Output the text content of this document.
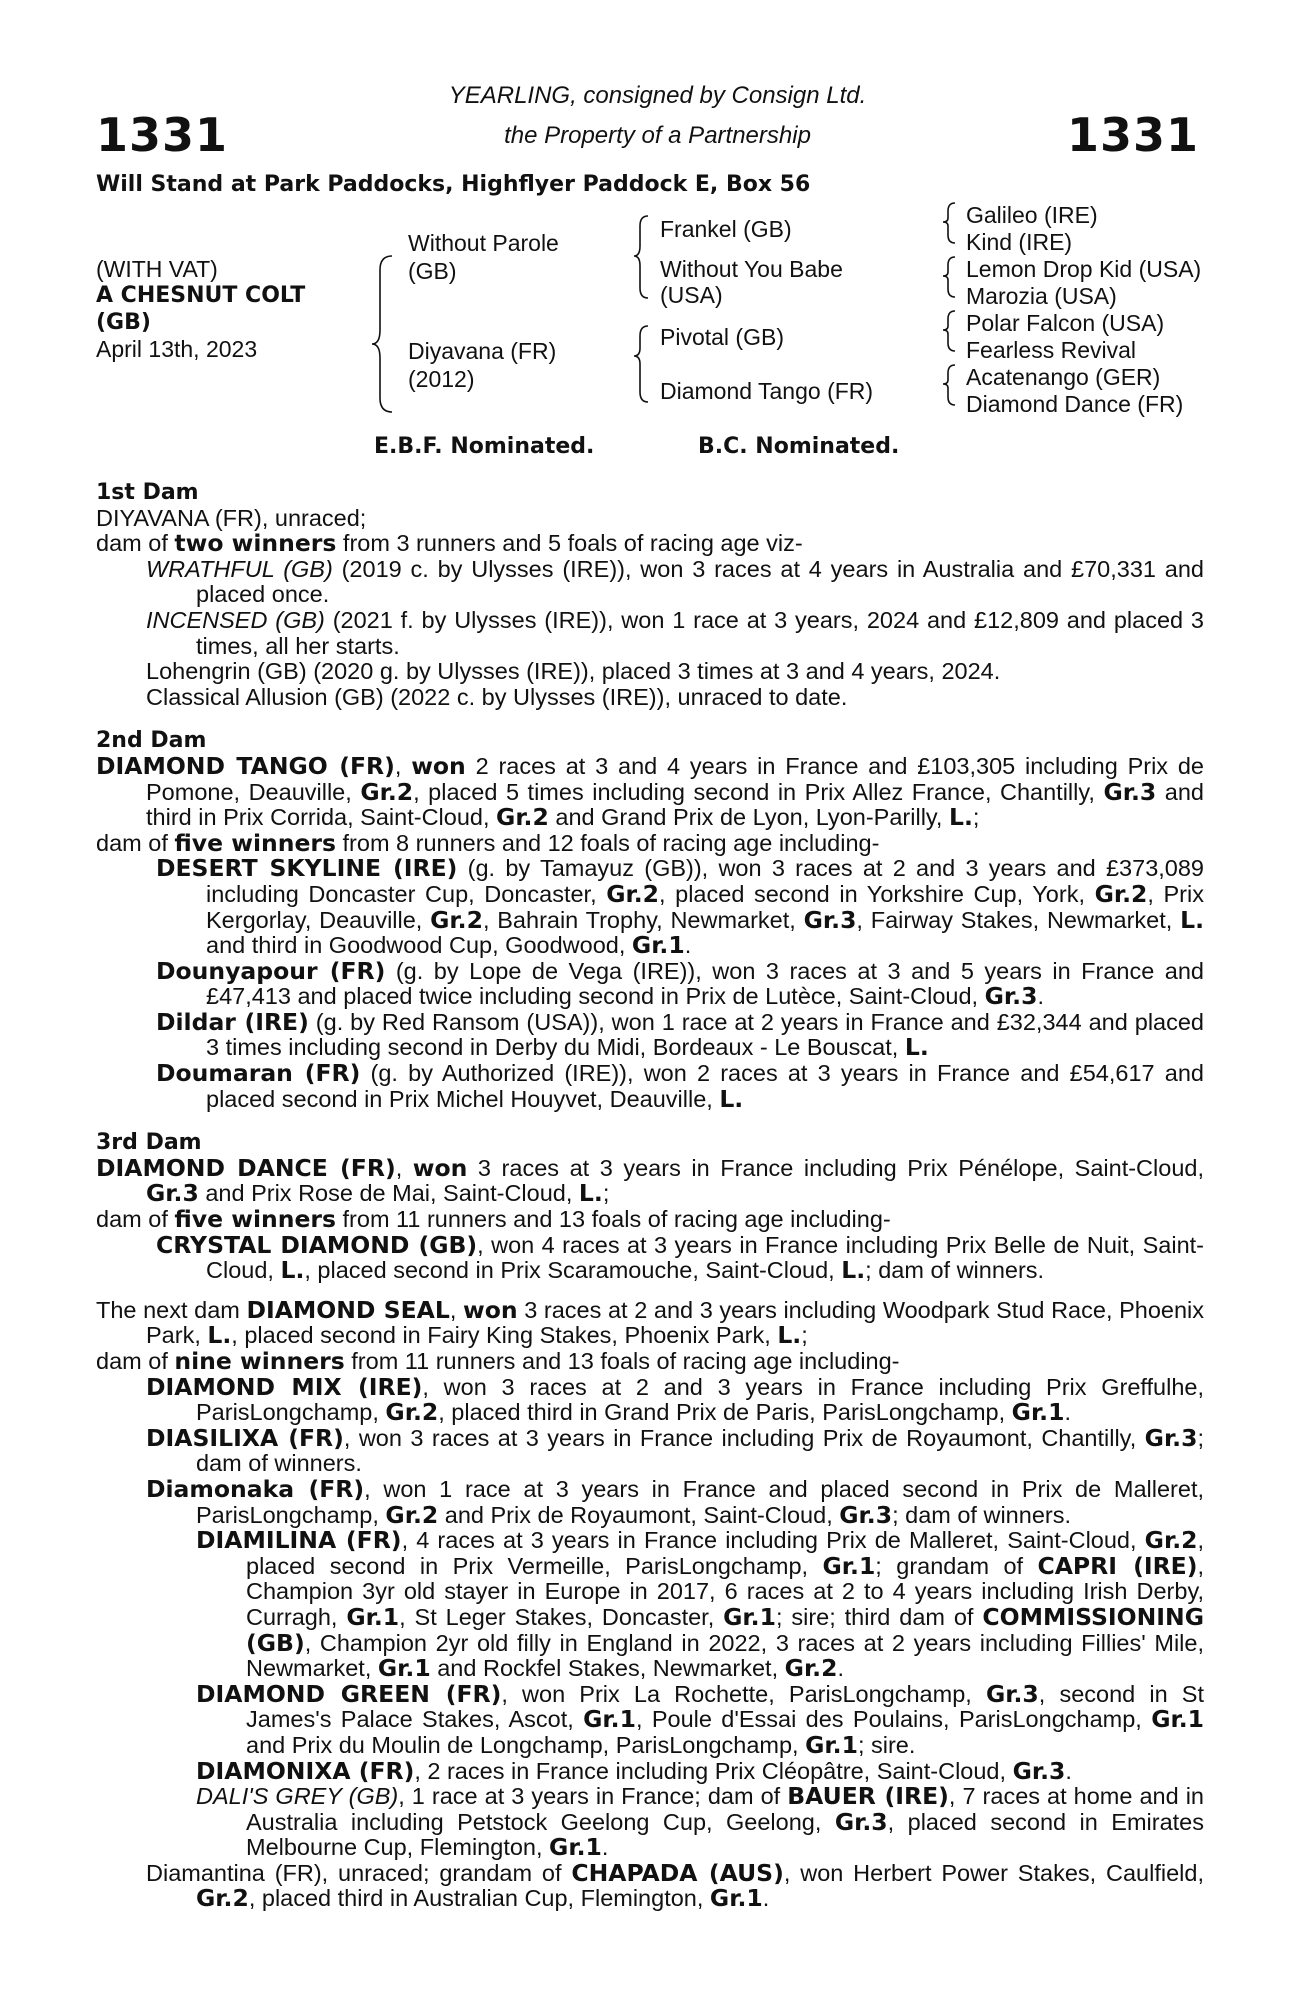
1331	1331
YEARLING, consigned by Consign Ltd.
the Property of a Partnership
Will Stand at Park Paddocks, Highflyer Paddock E, Box 56
(WITH VAT)
A CHESNUT COLT
(GB)
April 13th, 2023
Without Parole
(GB)
Diyavana (FR)
(2012)
Frankel (GB)
Without You Babe
(USA)
Pivotal (GB)
Diamond Tango (FR)
Galileo (IRE)
Kind (IRE)
Lemon Drop Kid (USA)
Marozia (USA)
Polar Falcon (USA)
Fearless Revival
Acatenango (GER)
Diamond Dance (FR)
E.B.F. Nominated.	B.C. Nominated.
1st Dam
DIYAVANA (FR), unraced;
dam of two winners from 3 runners and 5 foals of racing age viz-
WRATHFUL (GB) (2019 c. by Ulysses (IRE)), won 3 races at 4 years in Australia and £70,331 and placed once.
INCENSED (GB) (2021 f. by Ulysses (IRE)), won 1 race at 3 years, 2024 and £12,809 and placed 3 times, all her starts.
Lohengrin (GB) (2020 g. by Ulysses (IRE)), placed 3 times at 3 and 4 years, 2024.
Classical Allusion (GB) (2022 c. by Ulysses (IRE)), unraced to date.
2nd Dam
DIAMOND TANGO (FR), won 2 races at 3 and 4 years in France and £103,305 including Prix de Pomone, Deauville, Gr.2, placed 5 times including second in Prix Allez France, Chantilly, Gr.3 and third in Prix Corrida, Saint-Cloud, Gr.2 and Grand Prix de Lyon, Lyon-Parilly, L.;
dam of five winners from 8 runners and 12 foals of racing age including-
DESERT SKYLINE (IRE) (g. by Tamayuz (GB)), won 3 races at 2 and 3 years and £373,089 including Doncaster Cup, Doncaster, Gr.2, placed second in Yorkshire Cup, York, Gr.2, Prix Kergorlay, Deauville, Gr.2, Bahrain Trophy, Newmarket, Gr.3, Fairway Stakes, Newmarket, L. and third in Goodwood Cup, Goodwood, Gr.1.
Dounyapour (FR) (g. by Lope de Vega (IRE)), won 3 races at 3 and 5 years in France and £47,413 and placed twice including second in Prix de Lutèce, Saint-Cloud, Gr.3.
Dildar (IRE) (g. by Red Ransom (USA)), won 1 race at 2 years in France and £32,344 and placed 3 times including second in Derby du Midi, Bordeaux - Le Bouscat, L.
Doumaran (FR) (g. by Authorized (IRE)), won 2 races at 3 years in France and £54,617 and placed second in Prix Michel Houyvet, Deauville, L.
3rd Dam
DIAMOND DANCE (FR), won 3 races at 3 years in France including Prix Pénélope, Saint-Cloud, Gr.3 and Prix Rose de Mai, Saint-Cloud, L.;
dam of five winners from 11 runners and 13 foals of racing age including-
CRYSTAL DIAMOND (GB), won 4 races at 3 years in France including Prix Belle de Nuit, Saint-Cloud, L., placed second in Prix Scaramouche, Saint-Cloud, L.; dam of winners.
The next dam DIAMOND SEAL, won 3 races at 2 and 3 years including Woodpark Stud Race, Phoenix Park, L., placed second in Fairy King Stakes, Phoenix Park, L.;
dam of nine winners from 11 runners and 13 foals of racing age including-
DIAMOND MIX (IRE), won 3 races at 2 and 3 years in France including Prix Greffulhe, ParisLongchamp, Gr.2, placed third in Grand Prix de Paris, ParisLongchamp, Gr.1.
DIASILIXA (FR), won 3 races at 3 years in France including Prix de Royaumont, Chantilly, Gr.3; dam of winners.
Diamonaka (FR), won 1 race at 3 years in France and placed second in Prix de Malleret, ParisLongchamp, Gr.2 and Prix de Royaumont, Saint-Cloud, Gr.3; dam of winners.
DIAMILINA (FR), 4 races at 3 years in France including Prix de Malleret, Saint-Cloud, Gr.2, placed second in Prix Vermeille, ParisLongchamp, Gr.1; grandam of CAPRI (IRE), Champion 3yr old stayer in Europe in 2017, 6 races at 2 to 4 years including Irish Derby, Curragh, Gr.1, St Leger Stakes, Doncaster, Gr.1; sire; third dam of COMMISSIONING (GB), Champion 2yr old filly in England in 2022, 3 races at 2 years including Fillies' Mile, Newmarket, Gr.1 and Rockfel Stakes, Newmarket, Gr.2.
DIAMOND GREEN (FR), won Prix La Rochette, ParisLongchamp, Gr.3, second in St James's Palace Stakes, Ascot, Gr.1, Poule d'Essai des Poulains, ParisLongchamp, Gr.1 and Prix du Moulin de Longchamp, ParisLongchamp, Gr.1; sire.
DIAMONIXA (FR), 2 races in France including Prix Cléopâtre, Saint-Cloud, Gr.3.
DALI'S GREY (GB), 1 race at 3 years in France; dam of BAUER (IRE), 7 races at home and in Australia including Petstock Geelong Cup, Geelong, Gr.3, placed second in Emirates Melbourne Cup, Flemington, Gr.1.
Diamantina (FR), unraced; grandam of CHAPADA (AUS), won Herbert Power Stakes, Caulfield, Gr.2, placed third in Australian Cup, Flemington, Gr.1.
